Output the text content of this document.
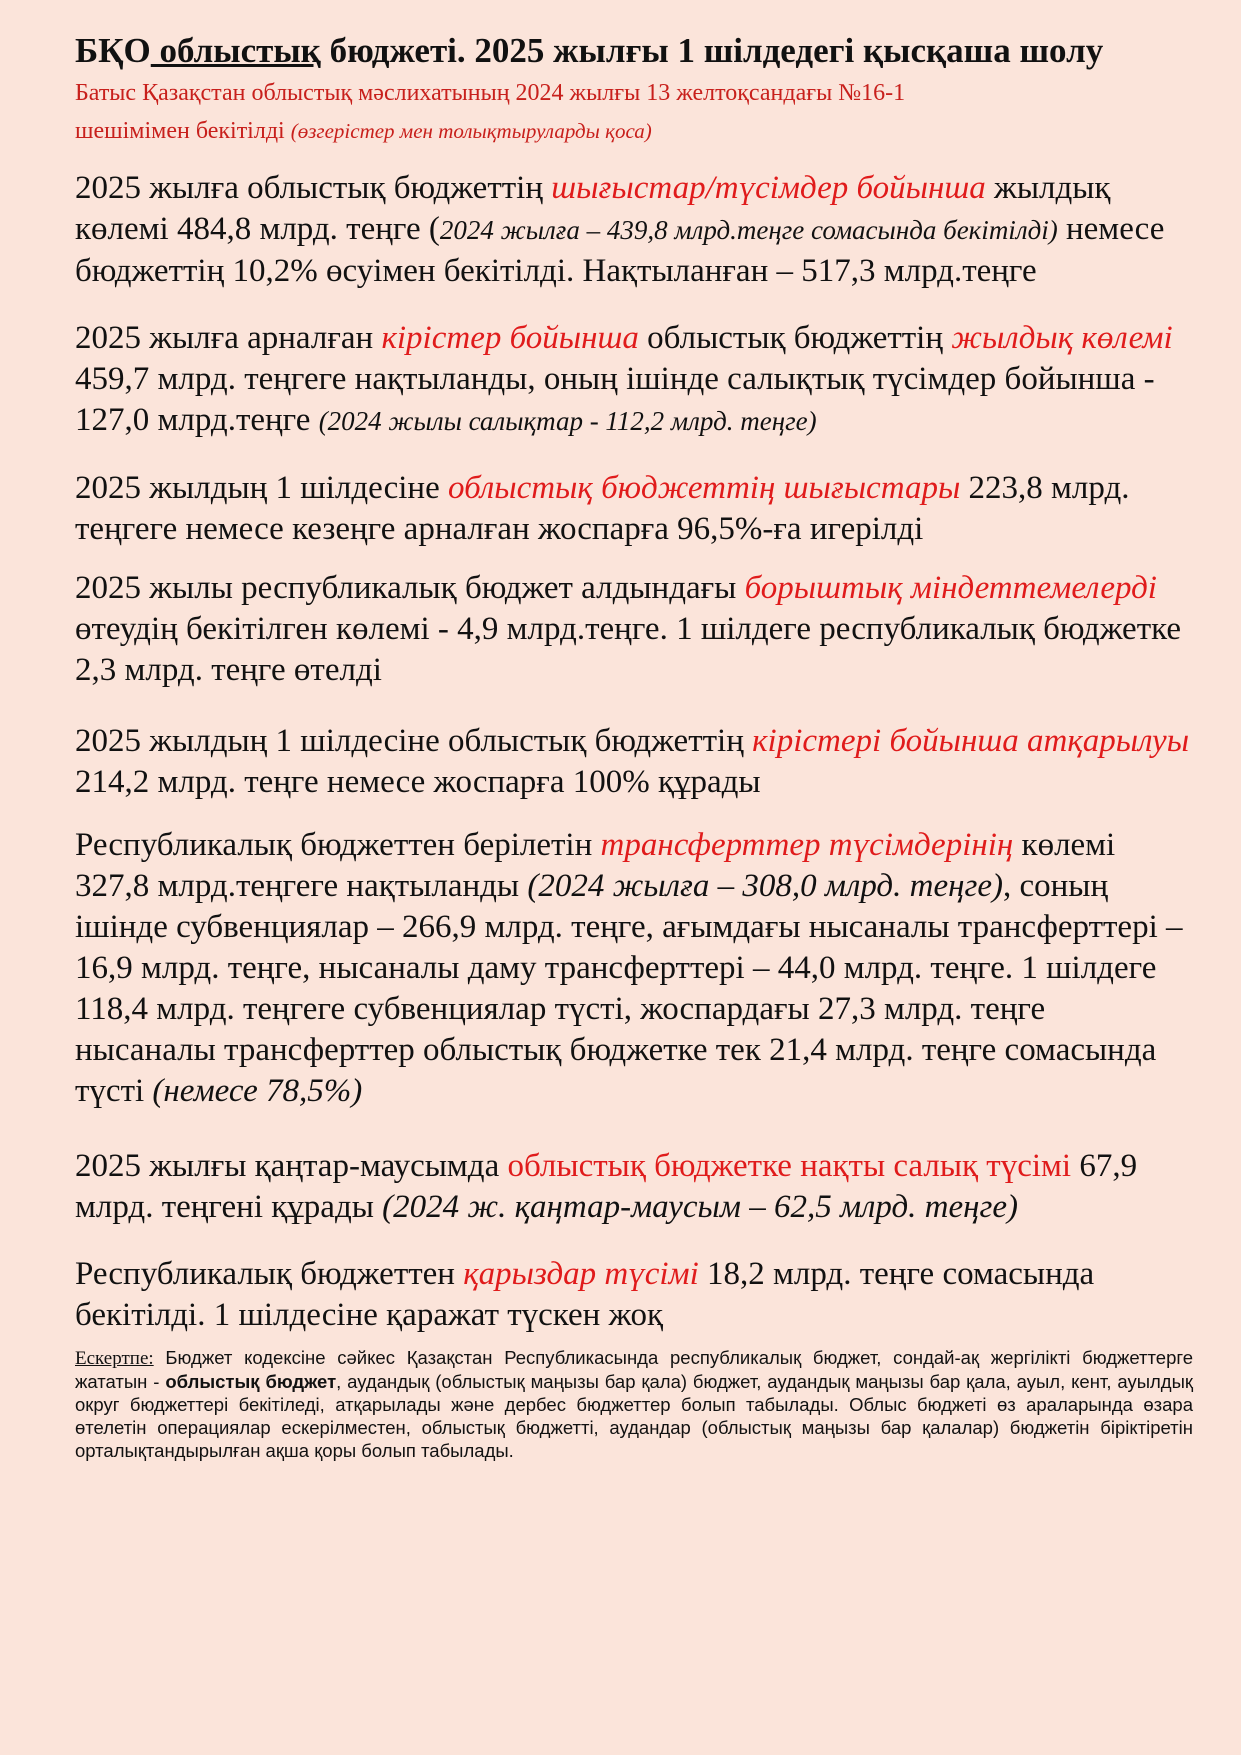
БҚО облыстық бюджеті. 2025 жылғы 1 шілдедегі қысқаша шолу

Батыс Қазақстан облыстық мәслихатының 2024 жылғы 13 желтоқсандағы №16-1
шешімімен бекітілді (өзгерістер мен толықтыруларды қоса)

2025 жылға облыстық бюджеттің шығыстар/түсімдер бойынша жылдық көлемі 484,8 млрд. теңге (2024 жылға – 439,8 млрд.теңге сомасында бекітілді) немесе бюджеттің 10,2% өсуімен бекітілді. Нақтыланған – 517,3 млрд.теңге

2025 жылға арналған кірістер бойынша облыстық бюджеттің жылдық көлемі 459,7 млрд. теңгеге нақтыланды, оның ішінде салықтық түсімдер бойынша - 127,0 млрд.теңге (2024 жылы салықтар - 112,2 млрд. теңге)

2025 жылдың 1 шілдесіне облыстық бюджеттің шығыстары 223,8 млрд. теңгеге немесе кезеңге арналған жоспарға 96,5%-ға игерілді

2025 жылы республикалық бюджет алдындағы борыштық міндеттемелерді өтеудің бекітілген көлемі - 4,9 млрд.теңге. 1 шілдеге республикалық бюджетке 2,3 млрд. теңге өтелді

2025 жылдың 1 шілдесіне облыстық бюджеттің кірістері бойынша атқарылуы 214,2 млрд. теңге немесе жоспарға 100% құрады

Республикалық бюджеттен берілетін трансферттер түсімдерінің көлемі 327,8 млрд.теңгеге нақтыланды (2024 жылға – 308,0 млрд. теңге), соның ішінде субвенциялар – 266,9 млрд. теңге, ағымдағы нысаналы трансферттері – 16,9 млрд. теңге, нысаналы даму трансферттері – 44,0 млрд. теңге. 1 шілдеге 118,4 млрд. теңгеге субвенциялар түсті, жоспардағы 27,3 млрд. теңге нысаналы трансферттер облыстық бюджетке тек 21,4 млрд. теңге сомасында түсті (немесе 78,5%)

2025 жылғы қаңтар-маусымда облыстық бюджетке нақты салық түсімі 67,9 млрд. теңгені құрады (2024 ж. қаңтар-маусым – 62,5 млрд. теңге)

Республикалық бюджеттен қарыздар түсімі 18,2 млрд. теңге сомасында бекітілді. 1 шілдесіне қаражат түскен жоқ

Ескертпе: Бюджет кодексіне сәйкес Қазақстан Республикасында республикалық бюджет, сондай-ақ жергілікті бюджеттерге жататын - облыстық бюджет, аудандық (облыстық маңызы бар қала) бюджет, аудандық маңызы бар қала, ауыл, кент, ауылдық округ бюджеттері бекітіледі, атқарылады және дербес бюджеттер болып табылады. Облыс бюджеті өз араларында өзара өтелетін операциялар ескерілместен, облыстық бюджетті, аудандар (облыстық маңызы бар қалалар) бюджетін біріктіретін орталықтандырылған ақша қоры болып табылады.
